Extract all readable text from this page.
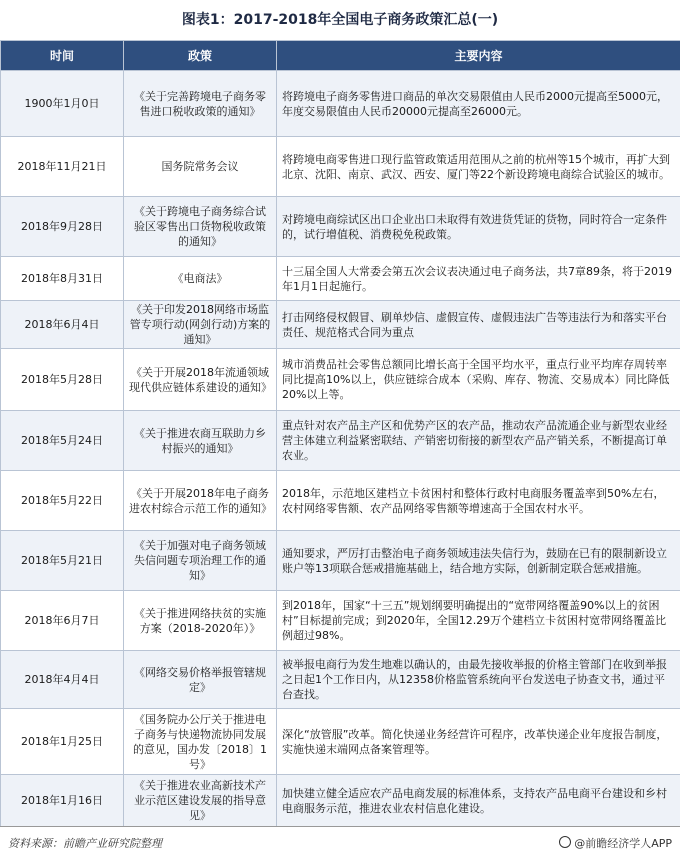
图表1：2017-2018年全国电子商务政策汇总(一)
时间	政策	主要内容
1900年1月0日	《关于完善跨境电子商务零售进口税收政策的通知》	将跨境电子商务零售进口商品的单次交易限值由人民币2000元提高至5000元，年度交易限值由人民币20000元提高至26000元。
2018年11月21日	国务院常务会议	将跨境电商零售进口现行监管政策适用范围从之前的杭州等15个城市，再扩大到北京、沈阳、南京、武汉、西安、厦门等22个新设跨境电商综合试验区的城市。
2018年9月28日	《关于跨境电子商务综合试验区零售出口货物税收政策的通知》	对跨境电商综试区出口企业出口未取得有效进货凭证的货物，同时符合一定条件的，试行增值税、消费税免税政策。
2018年8月31日	《电商法》	十三届全国人大常委会第五次会议表决通过电子商务法，共7章89条，将于2019年1月1日起施行。
2018年6月4日	《关于印发2018网络市场监管专项行动(网剑行动)方案的通知》	打击网络侵权假冒、刷单炒信、虚假宣传、虚假违法广告等违法行为和落实平台责任、规范格式合同为重点
2018年5月28日	《关于开展2018年流通领域现代供应链体系建设的通知》	城市消费品社会零售总额同比增长高于全国平均水平，重点行业平均库存周转率同比提高10%以上，供应链综合成本（采购、库存、物流、交易成本）同比降低20%以上等。
2018年5月24日	《关于推进农商互联助力乡村振兴的通知》	重点针对农产品主产区和优势产区的农产品，推动农产品流通企业与新型农业经营主体建立利益紧密联结、产销密切衔接的新型农产品产销关系，不断提高订单农业。
2018年5月22日	《关于开展2018年电子商务进农村综合示范工作的通知》	2018年，示范地区建档立卡贫困村和整体行政村电商服务覆盖率到50%左右，农村网络零售额、农产品网络零售额等增速高于全国农村水平。
2018年5月21日	《关于加强对电子商务领域失信问题专项治理工作的通知》	通知要求，严厉打击整治电子商务领域违法失信行为，鼓励在已有的限制新设立账户等13项联合惩戒措施基础上，结合地方实际，创新制定联合惩戒措施。
2018年6月7日	《关于推进网络扶贫的实施方案（2018-2020年）》	到2018年，国家“十三五”规划纲要明确提出的“宽带网络覆盖90%以上的贫困村”目标提前完成；到2020年，全国12.29万个建档立卡贫困村宽带网络覆盖比例超过98%。
2018年4月4日	《网络交易价格举报管辖规定》	被举报电商行为发生地难以确认的，由最先接收举报的价格主管部门在收到举报之日起1个工作日内，从12358价格监管系统向平台发送电子协查文书，通过平台查找。
2018年1月25日	《国务院办公厅关于推进电子商务与快递物流协同发展的意见，国办发〔2018〕1号》	深化“放管服”改革。简化快递业务经营许可程序，改革快递企业年度报告制度，实施快递末端网点备案管理等。
2018年1月16日	《关于推进农业高新技术产业示范区建设发展的指导意见》	加快建立健全适应农产品电商发展的标准体系，支持农产品电商平台建设和乡村电商服务示范，推进农业农村信息化建设。
资料来源：前瞻产业研究院整理	@前瞻经济学人APP
